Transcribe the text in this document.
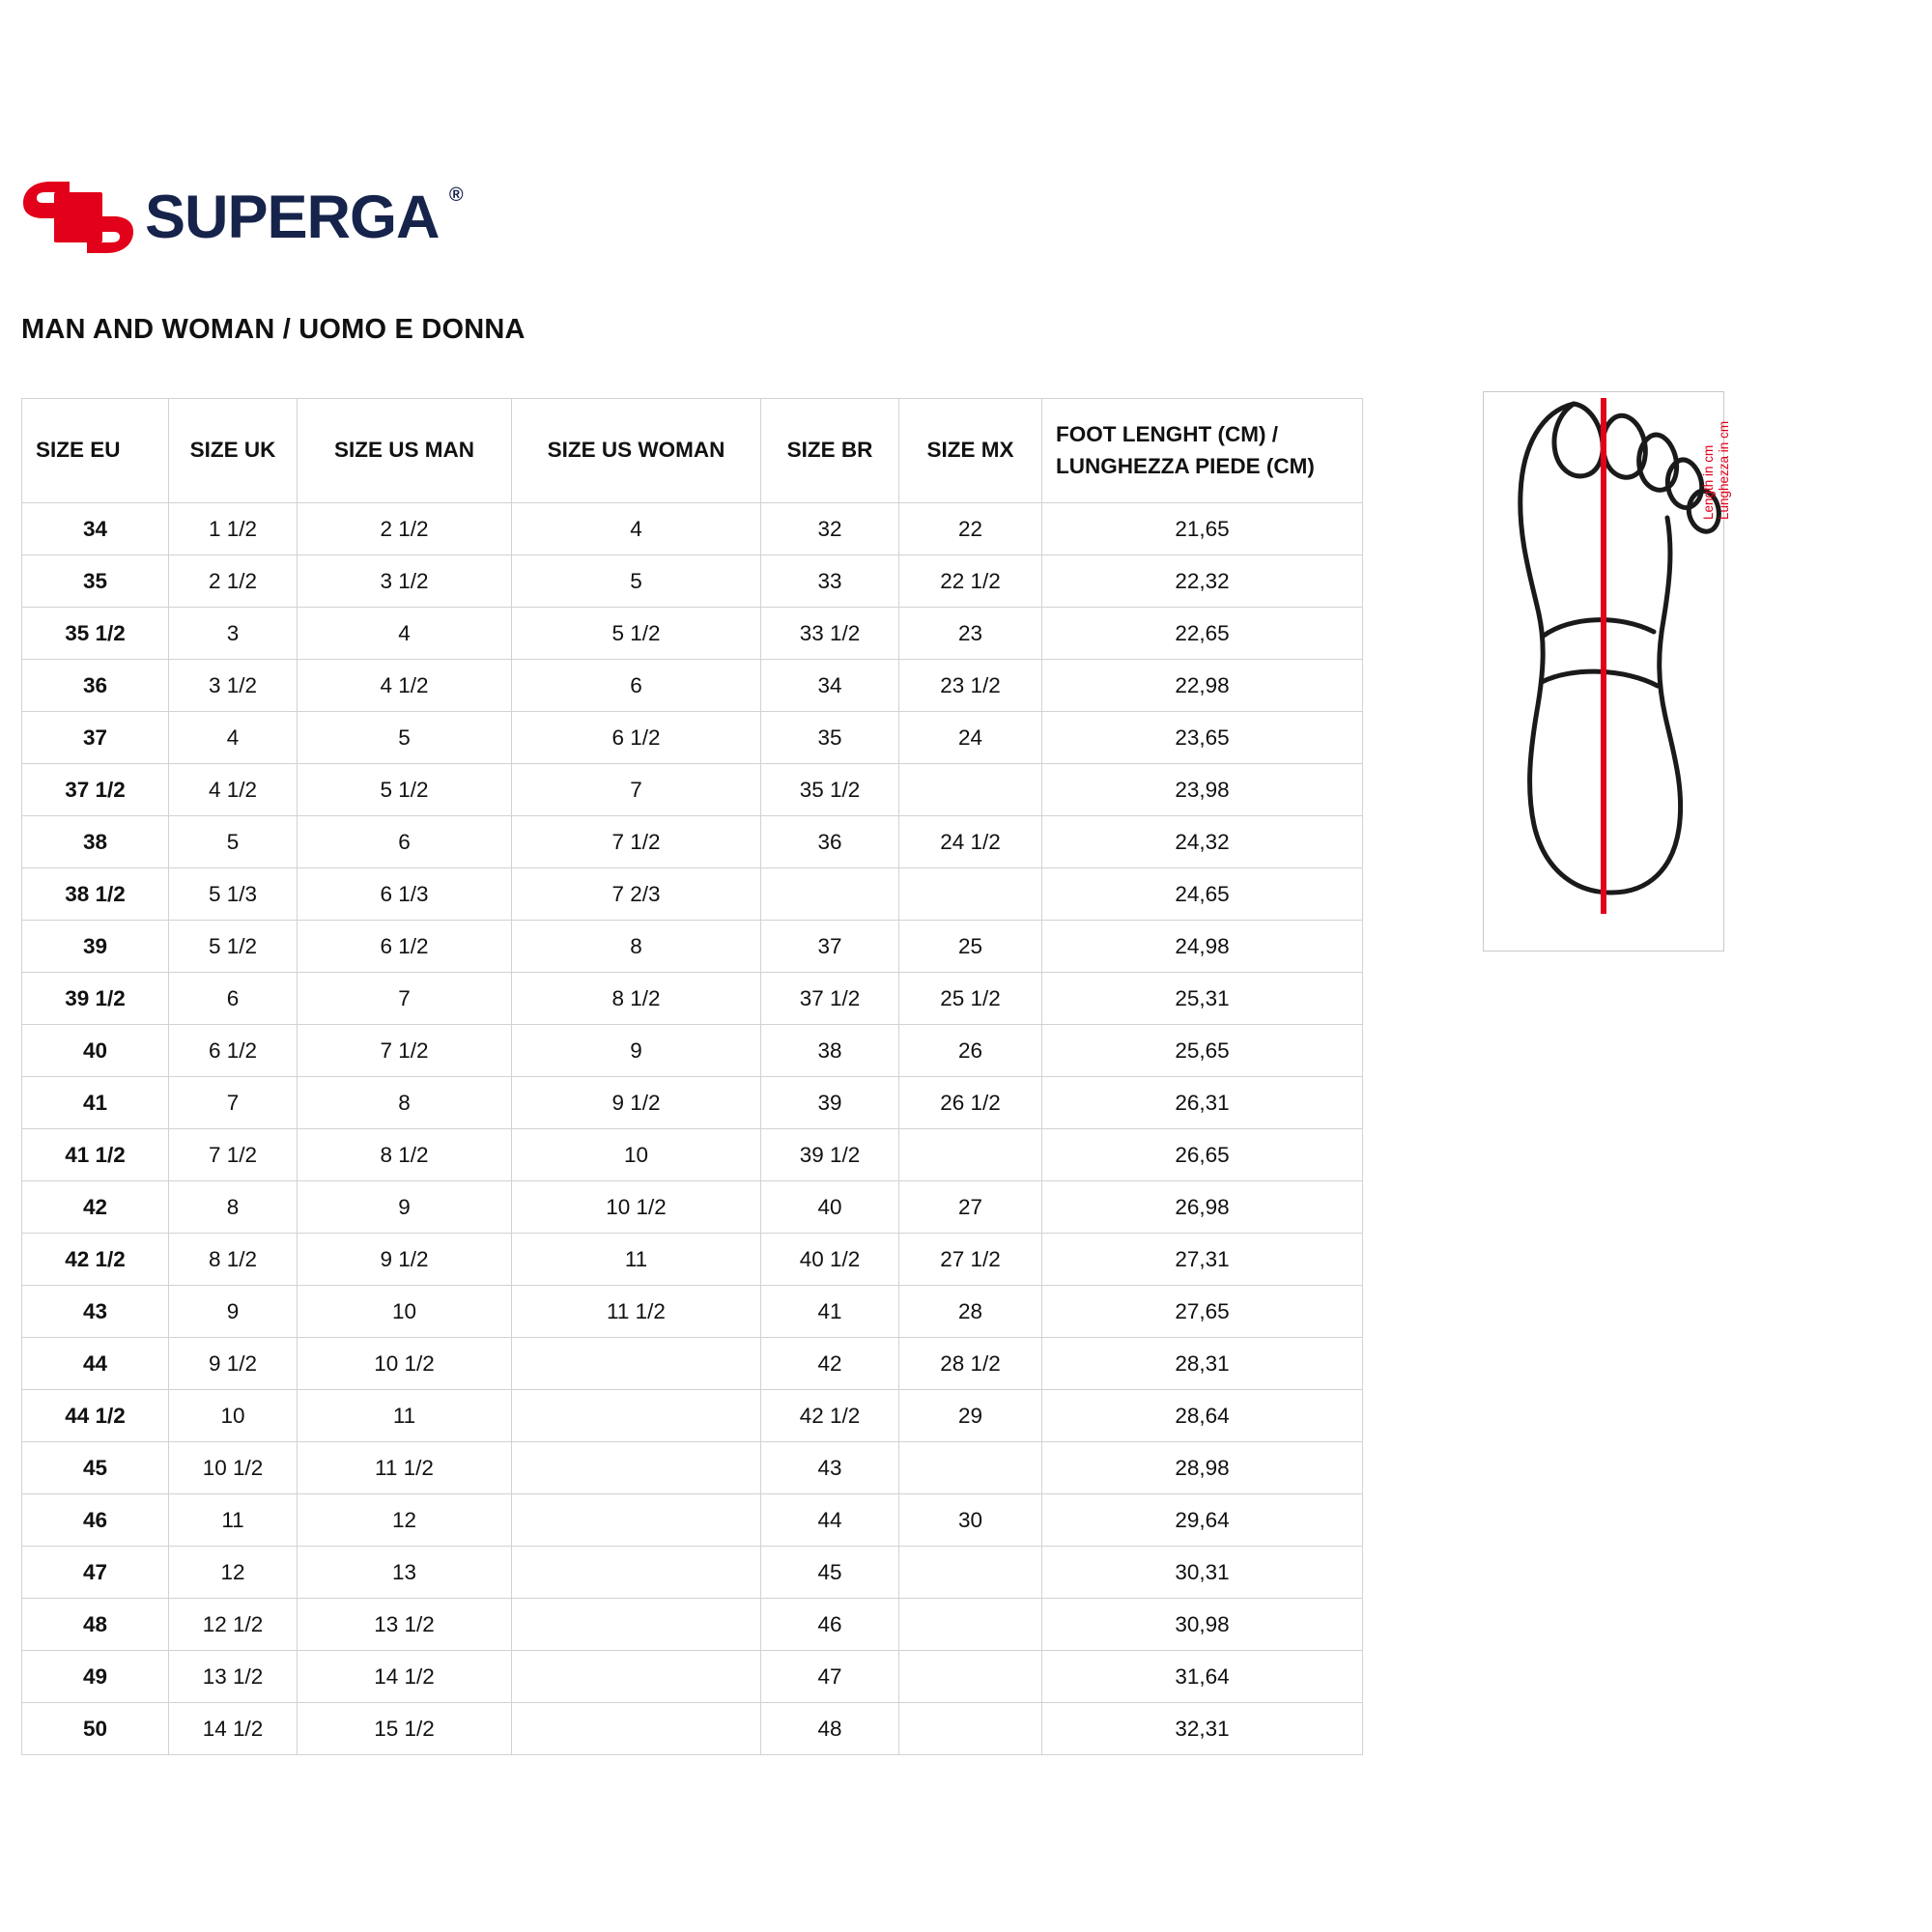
SUPERGA ®
MAN AND WOMAN / UOMO E DONNA
SIZE EU	SIZE UK	SIZE US MAN	SIZE US WOMAN	SIZE BR	SIZE MX	FOOT LENGHT (CM) /
LUNGHEZZA PIEDE (CM)

34	1 1/2	2 1/2	4	32	22	21,65
35	2 1/2	3 1/2	5	33	22 1/2	22,32
35 1/2	3	4	5 1/2	33 1/2	23	22,65
36	3 1/2	4 1/2	6	34	23 1/2	22,98
37	4	5	6 1/2	35	24	23,65
37 1/2	4 1/2	5 1/2	7	35 1/2		23,98
38	5	6	7 1/2	36	24 1/2	24,32
38 1/2	5 1/3	6 1/3	7 2/3			24,65
39	5 1/2	6 1/2	8	37	25	24,98
39 1/2	6	7	8 1/2	37 1/2	25 1/2	25,31
40	6 1/2	7 1/2	9	38	26	25,65
41	7	8	9 1/2	39	26 1/2	26,31
41 1/2	7 1/2	8 1/2	10	39 1/2		26,65
42	8	9	10 1/2	40	27	26,98
42 1/2	8 1/2	9 1/2	11	40 1/2	27 1/2	27,31
43	9	10	11 1/2	41	28	27,65
44	9 1/2	10 1/2		42	28 1/2	28,31
44 1/2	10	11		42 1/2	29	28,64
45	10 1/2	11 1/2		43		28,98
46	11	12		44	30	29,64
47	12	13		45		30,31
48	12 1/2	13 1/2		46		30,98
49	13 1/2	14 1/2		47		31,64
50	14 1/2	15 1/2		48		32,31
Length in cm Lunghezza in cm
